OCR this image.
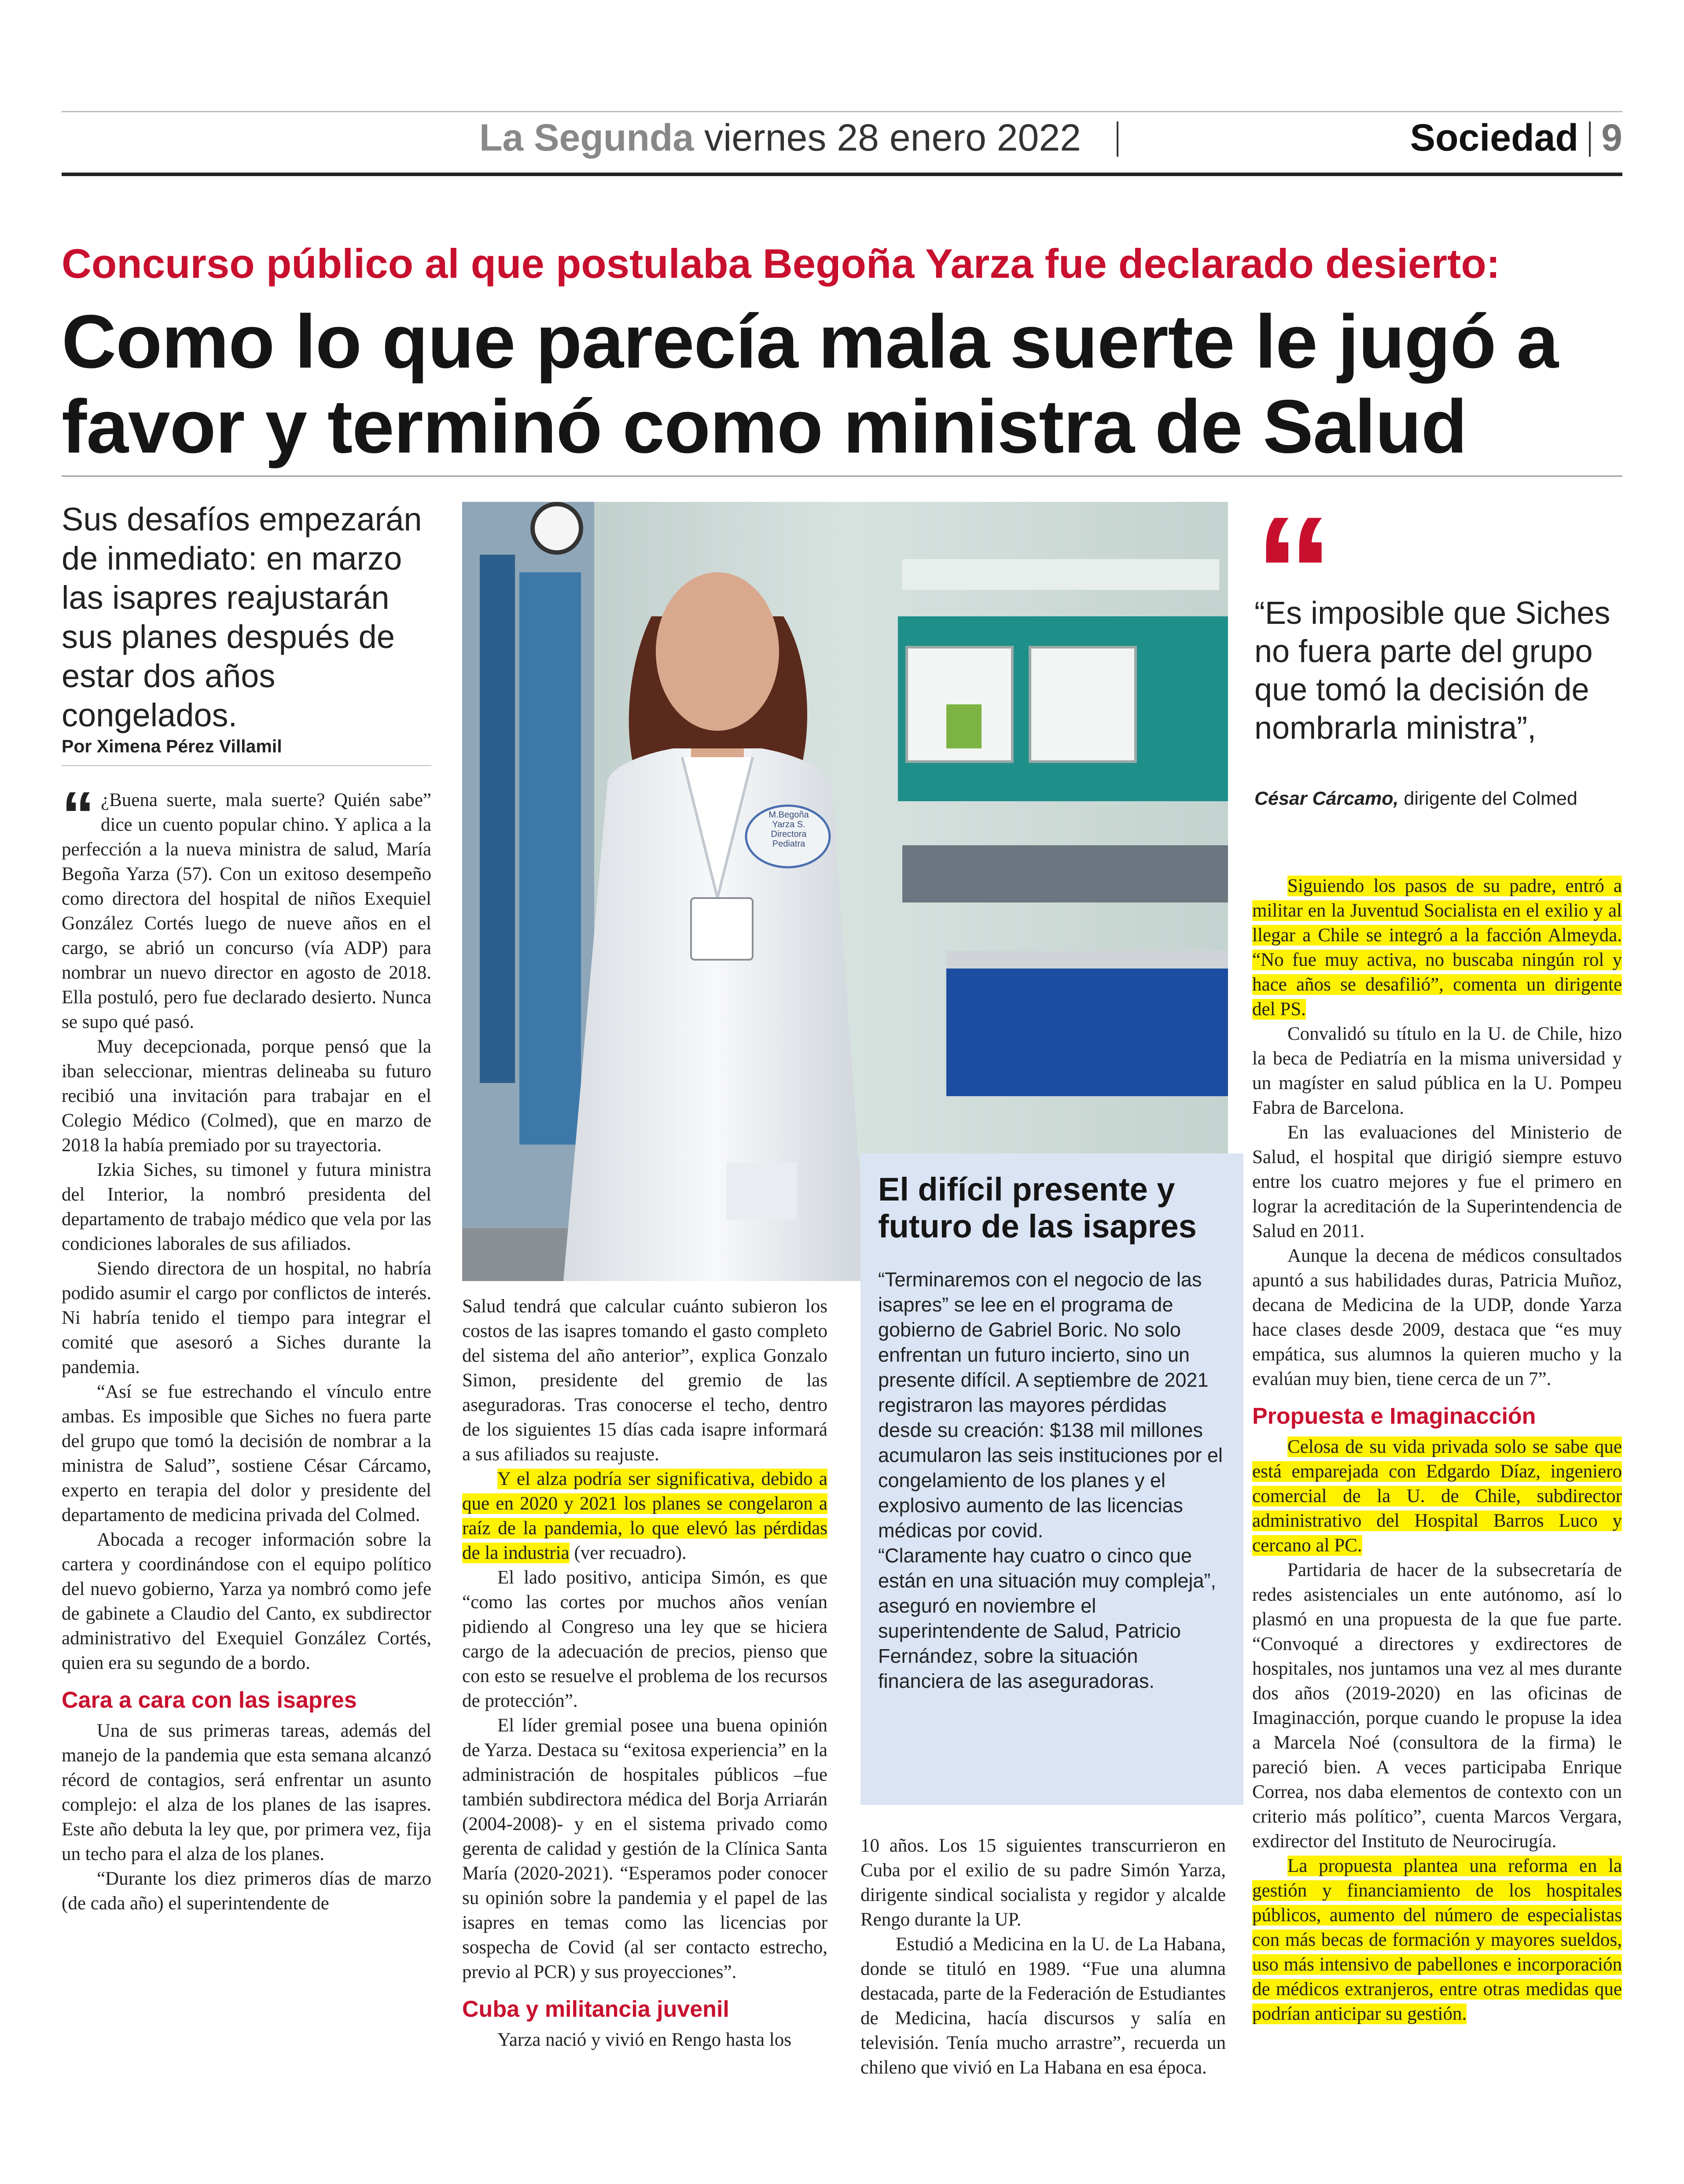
La Segunda viernes 28 enero 2022	Sociedad 9
Concurso público al que postulaba Begoña Yarza fue declarado desierto:
Como lo que parecía mala suerte le jugó a favor y terminó como ministra de Salud
Sus desafíos empezarán de inmediato: en marzo las isapres reajustarán sus planes después de estar dos años congelados.
Por Ximena Pérez Villamil

“ ¿Buena suerte, mala suerte? Quién sabe” dice un cuento popular chino. Y aplica a la perfección a la nueva ministra de salud, María Begoña Yarza (57). Con un exitoso desempeño como directora del hospital de niños Exequiel González Cortés luego de nueve años en el cargo, se abrió un concurso (vía ADP) para nombrar un nuevo director en agosto de 2018. Ella postuló, pero fue declarado desierto. Nunca se supo qué pasó.

Muy decepcionada, porque pensó que la iban seleccionar, mientras delineaba su futuro recibió una invitación para trabajar en el Colegio Médico (Colmed), que en marzo de 2018 la había premiado por su trayectoria.

Izkia Siches, su timonel y futura ministra del Interior, la nombró presidenta del departamento de trabajo médico que vela por las condiciones laborales de sus afiliados.

Siendo directora de un hospital, no habría podido asumir el cargo por conflictos de interés. Ni habría tenido el tiempo para integrar el comité que asesoró a Siches durante la pandemia.

“Así se fue estrechando el vínculo entre ambas. Es imposible que Siches no fuera parte del grupo que tomó la decisión de nombrar a la ministra de Salud”, sostiene César Cárcamo, experto en terapia del dolor y presidente del departamento de medicina privada del Colmed.

Abocada a recoger información sobre la cartera y coordinándose con el equipo político del nuevo gobierno, Yarza ya nombró como jefe de gabinete a Claudio del Canto, ex subdirector administrativo del Exequiel González Cortés, quien era su segundo de a bordo.

Cara a cara con las isapres

Una de sus primeras tareas, además del manejo de la pandemia que esta semana alcanzó récord de contagios, será enfrentar un asunto complejo: el alza de los planes de las isapres. Este año debuta la ley que, por primera vez, fija un techo para el alza de los planes.

“Durante los diez primeros días de marzo (de cada año) el superintendente de

M.Begoña Yarza S.
Directora
Pediatra
El difícil presente y futuro de las isapres

“Terminaremos con el negocio de las isapres” se lee en el programa de gobierno de Gabriel Boric. No solo enfrentan un futuro incierto, sino un presente difícil. A septiembre de 2021 registraron las mayores pérdidas desde su creación: $138 mil millones acumularon las seis instituciones por el congelamiento de los planes y el explosivo aumento de las licencias médicas por covid.

“Claramente hay cuatro o cinco que están en una situación muy compleja”, aseguró en noviembre el superintendente de Salud, Patricio Fernández, sobre la situación financiera de las aseguradoras.

Salud tendrá que calcular cuánto subieron los costos de las isapres tomando el gasto completo del sistema del año anterior”, explica Gonzalo Simon, presidente del gremio de las aseguradoras. Tras conocerse el techo, dentro de los siguientes 15 días cada isapre informará a sus afiliados su reajuste.

Y el alza podría ser significativa, debido a que en 2020 y 2021 los planes se congelaron a raíz de la pandemia, lo que elevó las pérdidas de la industria (ver recuadro).

El lado positivo, anticipa Simón, es que “como las cortes por muchos años venían pidiendo al Congreso una ley que se hiciera cargo de la adecuación de precios, pienso que con esto se resuelve el problema de los recursos de protección”.

El líder gremial posee una buena opinión de Yarza. Destaca su “exitosa experiencia” en la administración de hospitales públicos –fue también subdirectora médica del Borja Arriarán (2004-2008)- y en el sistema privado como gerenta de calidad y gestión de la Clínica Santa María (2020-2021). “Esperamos poder conocer su opinión sobre la pandemia y el papel de las isapres en temas como las licencias por sospecha de Covid (al ser contacto estrecho, previo al PCR) y sus proyecciones”.

Cuba y militancia juvenil

Yarza nació y vivió en Rengo hasta los

10 años. Los 15 siguientes transcurrieron en Cuba por el exilio de su padre Simón Yarza, dirigente sindical socialista y regidor y alcalde Rengo durante la UP.

Estudió a Medicina en la U. de La Habana, donde se tituló en 1989. “Fue una alumna destacada, parte de la Federación de Estudiantes de Medicina, hacía discursos y salía en televisión. Tenía mucho arrastre”, recuerda un chileno que vivió en La Habana en esa época.

“
“Es imposible que Siches no fuera parte del grupo que tomó la decisión de nombrarla ministra”,
César Cárcamo, dirigente del Colmed

Siguiendo los pasos de su padre, entró a militar en la Juventud Socialista en el exilio y al llegar a Chile se integró a la facción Almeyda. “No fue muy activa, no buscaba ningún rol y hace años se desafilió”, comenta un dirigente del PS.

Convalidó su título en la U. de Chile, hizo la beca de Pediatría en la misma universidad y un magíster en salud pública en la U. Pompeu Fabra de Barcelona.

En las evaluaciones del Ministerio de Salud, el hospital que dirigió siempre estuvo entre los cuatro mejores y fue el primero en lograr la acreditación de la Superintendencia de Salud en 2011.

Aunque la decena de médicos consultados apuntó a sus habilidades duras, Patricia Muñoz, decana de Medicina de la UDP, donde Yarza hace clases desde 2009, destaca que “es muy empática, sus alumnos la quieren mucho y la evalúan muy bien, tiene cerca de un 7”.

Propuesta e Imaginacción

Celosa de su vida privada solo se sabe que está emparejada con Edgardo Díaz, ingeniero comercial de la U. de Chile, subdirector administrativo del Hospital Barros Luco y cercano al PC.

Partidaria de hacer de la subsecretaría de redes asistenciales un ente autónomo, así lo plasmó en una propuesta de la que fue parte. “Convoqué a directores y exdirectores de hospitales, nos juntamos una vez al mes durante dos años (2019-2020) en las oficinas de Imaginacción, porque cuando le propuse la idea a Marcela Noé (consultora de la firma) le pareció bien. A veces participaba Enrique Correa, nos daba elementos de contexto con un criterio más político”, cuenta Marcos Vergara, exdirector del Instituto de Neurocirugía.

La propuesta plantea una reforma en la gestión y financiamiento de los hospitales públicos, aumento del número de especialistas con más becas de formación y mayores sueldos, uso más intensivo de pabellones e incorporación de médicos extranjeros, entre otras medidas que podrían anticipar su gestión.
